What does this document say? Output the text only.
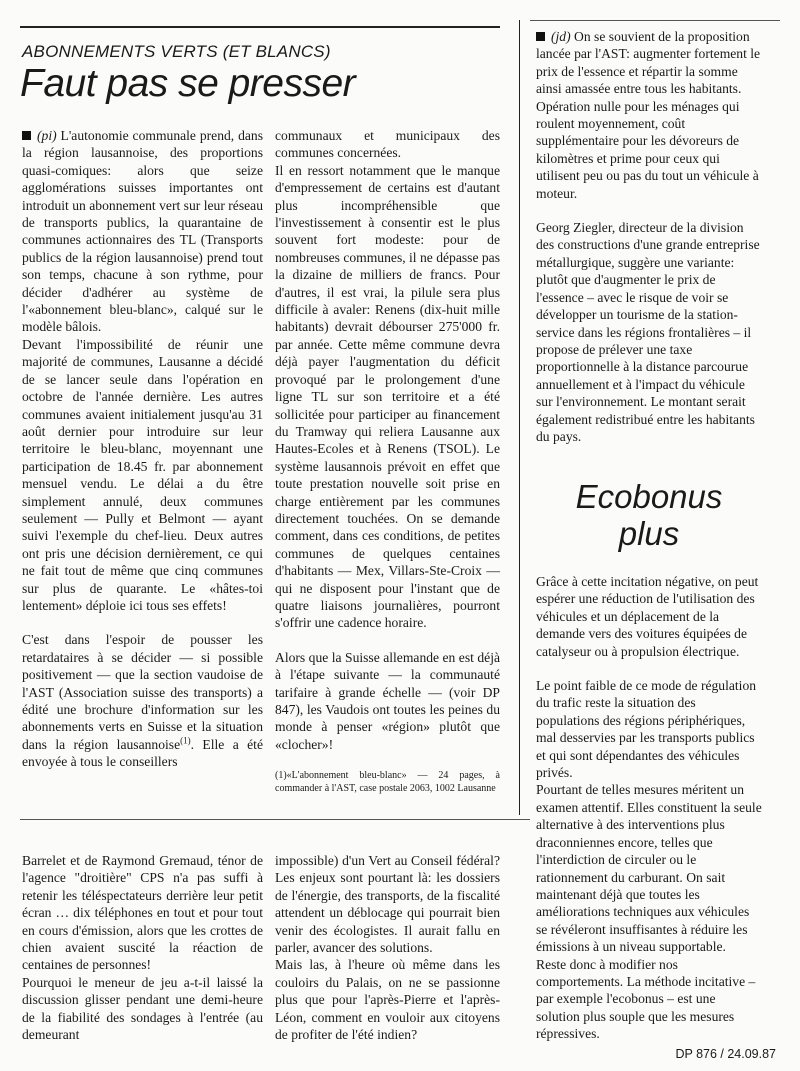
ABONNEMENTS VERTS (ET BLANCS)
Faut pas se presser

(pi) L'autonomie communale prend, dans la région lausannoise, des proportions quasi-comiques: alors que seize agglomérations suisses importantes ont introduit un abonnement vert sur leur réseau de transports publics, la quarantaine de communes actionnaires des TL (Transports publics de la région lausannoise) prend tout son temps, chacune à son rythme, pour décider d'adhérer au système de l'«abonnement bleu-blanc», calqué sur le modèle bâlois.

Devant l'impossibilité de réunir une majorité de communes, Lausanne a décidé de se lancer seule dans l'opération en octobre de l'année dernière. Les autres communes avaient initialement jusqu'au 31 août dernier pour introduire sur leur territoire le bleu-blanc, moyennant une participation de 18.45 fr. par abonnement mensuel vendu. Le délai a du être simplement annulé, deux communes seulement — Pully et Belmont — ayant suivi l'exemple du chef-lieu. Deux autres ont pris une décision dernièrement, ce qui ne fait tout de même que cinq communes sur plus de quarante. Le «hâtes-toi lentement» déploie ici tous ses effets!

C'est dans l'espoir de pousser les retardataires à se décider — si possible positivement — que la section vaudoise de l'AST (Association suisse des transports) a édité une brochure d'information sur les abonnements verts en Suisse et la situation dans la région lausannoise$^{(1)}$. Elle a été envoyée à tous le conseillers

communaux et municipaux des communes concernées.

Il en ressort notamment que le manque d'empressement de certains est d'autant plus incompréhensible que l'investissement à consentir est le plus souvent fort modeste: pour de nombreuses communes, il ne dépasse pas la dizaine de milliers de francs. Pour d'autres, il est vrai, la pilule sera plus difficile à avaler: Renens (dix-huit mille habitants) devrait débourser 275'000 fr. par année. Cette même commune devra déjà payer l'augmentation du déficit provoqué par le prolongement d'une ligne TL sur son territoire et a été sollicitée pour participer au financement du Tramway qui reliera Lausanne aux Hautes-Ecoles et à Renens (TSOL). Le système lausannois prévoit en effet que toute prestation nouvelle soit prise en charge entièrement par les communes directement touchées. On se demande comment, dans ces conditions, de petites communes de quelques centaines d'habitants — Mex, Villars-Ste-Croix — qui ne disposent pour l'instant que de quatre liaisons journalières, pourront s'offrir une cadence horaire.

Alors que la Suisse allemande en est déjà à l'étape suivante — la communauté tarifaire à grande échelle — (voir DP 847), les Vaudois ont toutes les peines du monde à penser «région» plutôt que «clocher»!

(1)«L'abonnement bleu-blanc» — 24 pages, à commander à l'AST, case postale 2063, 1002 Lausanne

(jd) On se souvient de la proposition lancée par l'AST: augmenter fortement le prix de l'essence et répartir la somme ainsi amassée entre tous les habitants. Opération nulle pour les ménages qui roulent moyennement, coût supplémentaire pour les dévoreurs de kilomètres et prime pour ceux qui utilisent peu ou pas du tout un véhicule à moteur.

Georg Ziegler, directeur de la division des constructions d'une grande entreprise métallurgique, suggère une variante: plutôt que d'augmenter le prix de l'essence – avec le risque de voir se développer un tourisme de la station-service dans les régions frontalières – il propose de prélever une taxe proportionnelle à la distance parcourue annuellement et à l'impact du véhicule sur l'environnement. Le montant serait également redistribué entre les habitants du pays.

Ecobonus
plus

Grâce à cette incitation négative, on peut espérer une réduction de l'utilisation des véhicules et un déplacement de la demande vers des voitures équipées de catalyseur ou à propulsion électrique.

Le point faible de ce mode de régulation du trafic reste la situation des populations des régions périphériques, mal desservies par les transports publics et qui sont dépendantes des véhicules privés.

Pourtant de telles mesures méritent un examen attentif. Elles constituent la seule alternative à des interventions plus draconniennes encore, telles que l'interdiction de circuler ou le rationnement du carburant. On sait maintenant déjà que toutes les améliorations techniques aux véhicules se révéleront insuffisantes à réduire les émissions à un niveau supportable.

Reste donc à modifier nos comportements. La méthode incitative – par exemple l'ecobonus – est une solution plus souple que les mesures répressives.

Barrelet et de Raymond Gremaud, ténor de l'agence "droitière" CPS n'a pas suffi à retenir les téléspectateurs derrière leur petit écran … dix téléphones en tout et pour tout en cours d'émission, alors que les crottes de chien avaient suscité la réaction de centaines de personnes!

Pourquoi le meneur de jeu a-t-il laissé la discussion glisser pendant une demi-heure de la fiabilité des sondages à l'entrée (au demeurant

impossible) d'un Vert au Conseil fédéral? Les enjeux sont pourtant là: les dossiers de l'énergie, des transports, de la fiscalité attendent un déblocage qui pourrait bien venir des écologistes. Il aurait fallu en parler, avancer des solutions.

Mais las, à l'heure où même dans les couloirs du Palais, on ne se passionne plus que pour l'après-Pierre et l'après-Léon, comment en vouloir aux citoyens de profiter de l'été indien?

DP 876 / 24.09.87
